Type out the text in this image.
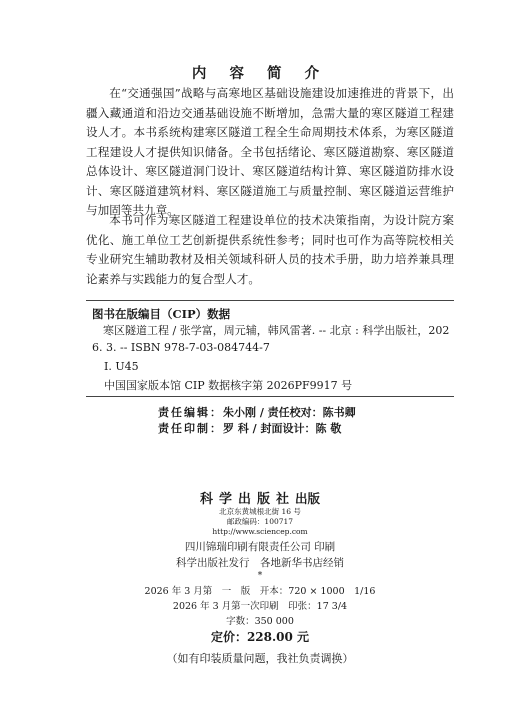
内 容 简 介

在“交通强国”战略与高寒地区基础设施建设加速推进的背景下，出疆入藏通道和沿边交通基础设施不断增加，急需大量的寒区隧道工程建设人才。本书系统构建寒区隧道工程全生命周期技术体系，为寒区隧道工程建设人才提供知识储备。全书包括绪论、寒区隧道勘察、寒区隧道总体设计、寒区隧道洞门设计、寒区隧道结构计算、寒区隧道防排水设计、寒区隧道建筑材料、寒区隧道施工与质量控制、寒区隧道运营维护与加固等共九章。

本书可作为寒区隧道工程建设单位的技术决策指南，为设计院方案优化、施工单位工艺创新提供系统性参考；同时也可作为高等院校相关专业研究生辅助教材及相关领域科研人员的技术手册，助力培养兼具理论素养与实践能力的复合型人才。

图书在版编目（CIP）数据
寒区隧道工程 / 张学富，周元辅，韩风雷著. -- 北京 : 科学出版社，2026. 3. -- ISBN 978-7-03-084744-7
Ⅰ. U45
中国国家版本馆 CIP 数据核字第 2026PF9917 号
责任编辑：朱小刚 / 责任校对：陈书卿
责任印制：罗 科 / 封面设计：陈 敬
科学出版社出版
北京东黄城根北街 16 号
邮政编码：100717
http://www.sciencep.com
四川锦瑞印刷有限责任公司 印刷
科学出版社发行　各地新华书店经销
*
2026 年 3 月第　一　版　开本：720 × 1000　1/16
2026 年 3 月第一次印刷　印张：17 3/4
字数：350 000
定价：228.00 元
（如有印装质量问题，我社负责调换）
